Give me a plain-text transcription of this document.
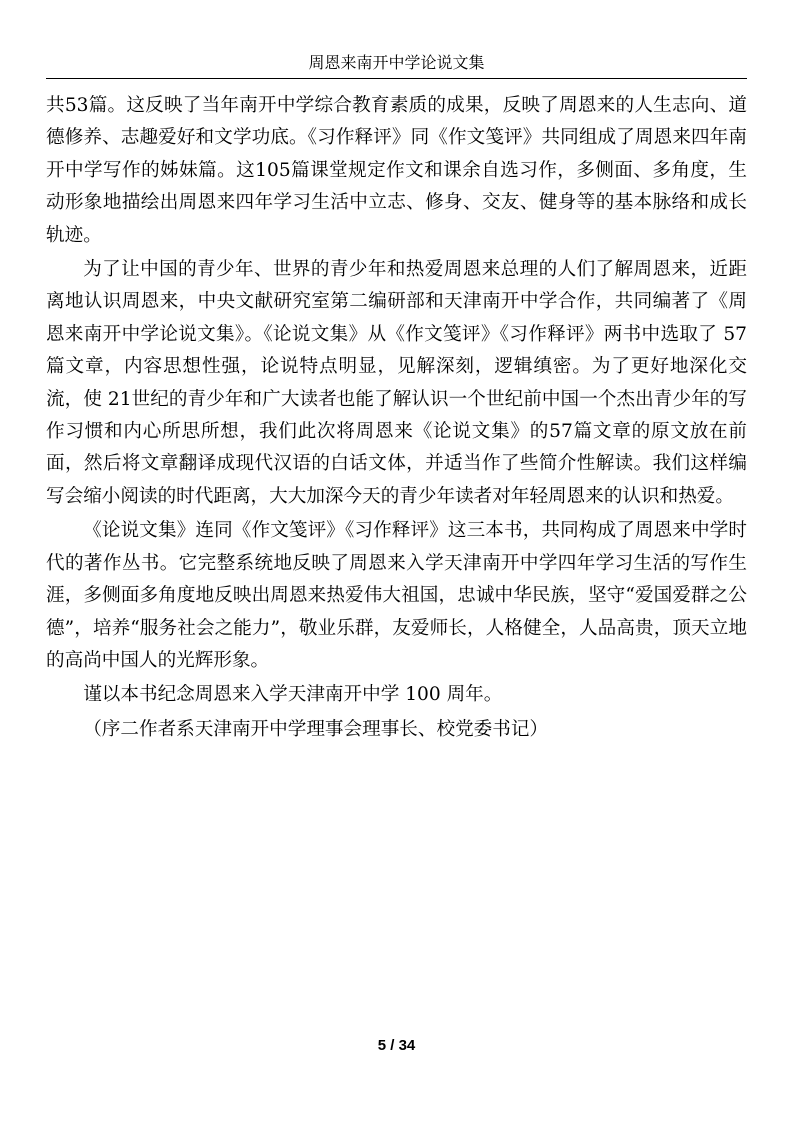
周恩来南开中学论说文集

共53篇。这反映了当年南开中学综合教育素质的成果，反映了周恩来的人生志向、道德修养、志趣爱好和文学功底。《习作释评》同《作文笺评》共同组成了周恩来四年南开中学写作的姊妹篇。这105篇课堂规定作文和课余自选习作，多侧面、多角度，生动形象地描绘出周恩来四年学习生活中立志、修身、交友、健身等的基本脉络和成长轨迹。

为了让中国的青少年、世界的青少年和热爱周恩来总理的人们了解周恩来，近距离地认识周恩来，中央文献研究室第二编研部和天津南开中学合作，共同编著了《周恩来南开中学论说文集》。《论说文集》从《作文笺评》《习作释评》两书中选取了 57 篇文章，内容思想性强，论说特点明显，见解深刻，逻辑缜密。为了更好地深化交流，使 21世纪的青少年和广大读者也能了解认识一个世纪前中国一个杰出青少年的写作习惯和内心所思所想，我们此次将周恩来《论说文集》的57篇文章的原文放在前面，然后将文章翻译成现代汉语的白话文体，并适当作了些简介性解读。我们这样编写会缩小阅读的时代距离，大大加深今天的青少年读者对年轻周恩来的认识和热爱。

《论说文集》连同《作文笺评》《习作释评》这三本书，共同构成了周恩来中学时代的著作丛书。它完整系统地反映了周恩来入学天津南开中学四年学习生活的写作生涯，多侧面多角度地反映出周恩来热爱伟大祖国，忠诚中华民族，坚守“爱国爱群之公德”，培养“服务社会之能力”，敬业乐群，友爱师长，人格健全，人品高贵，顶天立地的高尚中国人的光辉形象。

谨以本书纪念周恩来入学天津南开中学 100 周年。

（序二作者系天津南开中学理事会理事长、校党委书记）

5 / 34
